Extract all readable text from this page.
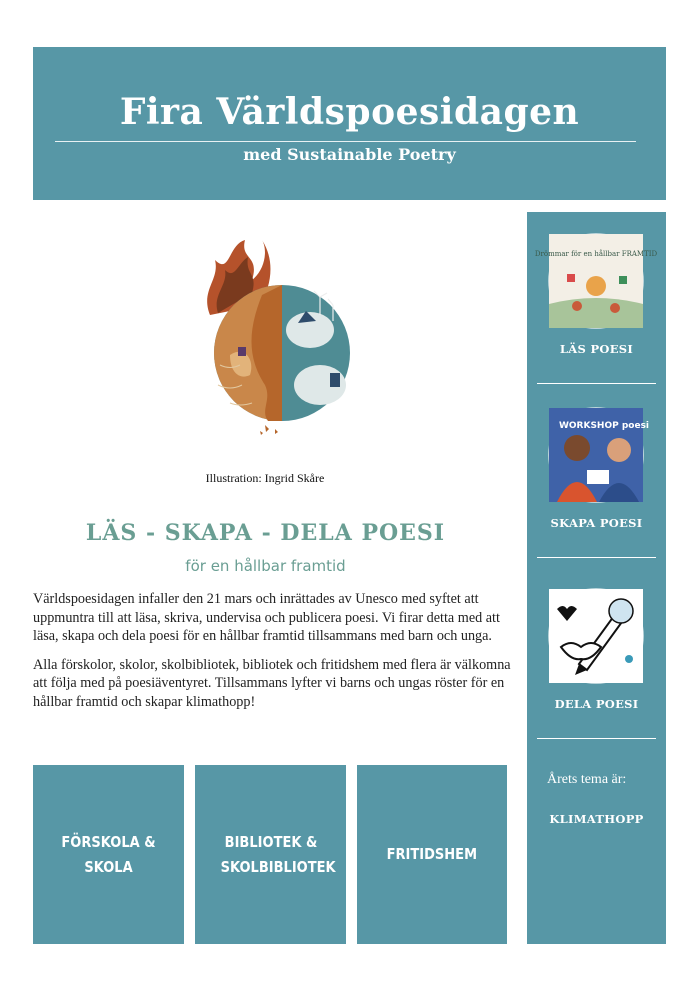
Fira Världspoesidagen
med Sustainable Poetry
Illustration: Ingrid Skåre
LÄS - SKAPA - DELA POESI
för en hållbar framtid

Världspoesidagen infaller den 21 mars och inrättades av Unesco med syftet att uppmuntra till att läsa, skriva, undervisa och publicera poesi. Vi firar detta med att läsa, skapa och dela poesi för en hållbar framtid tillsammans med barn och unga.

Alla förskolor, skolor, skolbibliotek, bibliotek och fritidshem med flera är välkomna att följa med på poesiäventyret. Tillsammans lyfter vi barns och ungas röster för en hållbar framtid och skapar klimathopp!

FÖRSKOLA & SKOLA
BIBLIOTEK & SKOLBIBLIOTEK
FRITIDSHEM
Drömmar för en hållbar FRAMTID
LÄS POESI
WORKSHOP poesi
SKAPA POESI
DELA POESI
Årets tema är:
KLIMATHOPP
